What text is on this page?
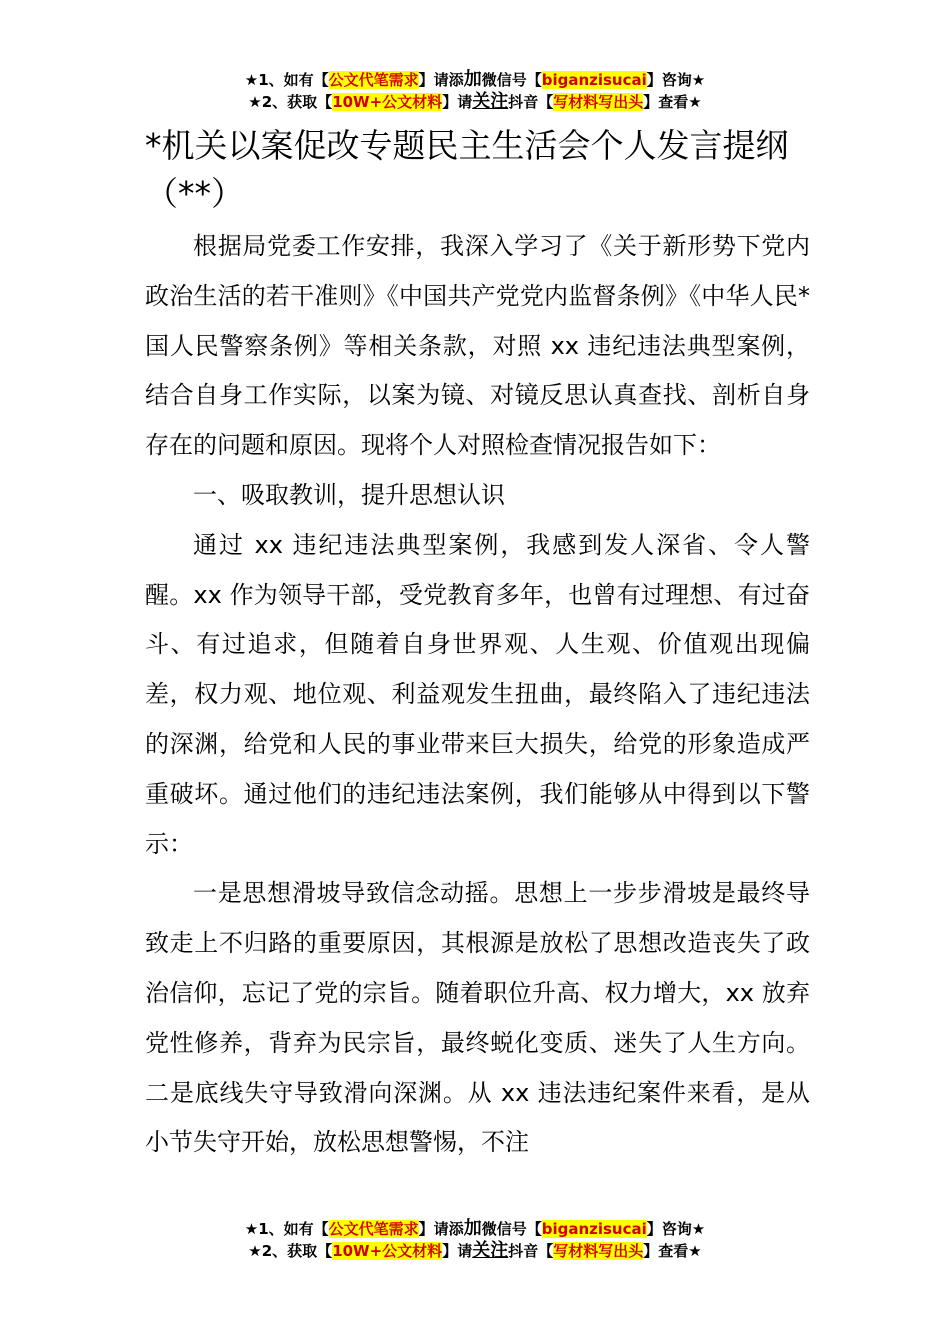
★1、如有【公文代笔需求】请添加微信号【biganzisucai】咨询★
★2、获取【10W+公文材料】请关注抖音【写材料写出头】查看★
*机关以案促改专题民主生活会个人发言提纲（**）

根据局党委工作安排，我深入学习了《关于新形势下党内政治生活的若干准则》《中国共产党党内监督条例》《中华人民*国人民警察条例》等相关条款，对照 xx 违纪违法典型案例，结合自身工作实际，以案为镜、对镜反思认真查找、剖析自身存在的问题和原因。现将个人对照检查情况报告如下：

一、吸取教训，提升思想认识

通过 xx 违纪违法典型案例，我感到发人深省、令人警醒。xx 作为领导干部，受党教育多年，也曾有过理想、有过奋斗、有过追求，但随着自身世界观、人生观、价值观出现偏差，权力观、地位观、利益观发生扭曲，最终陷入了违纪违法的深渊，给党和人民的事业带来巨大损失，给党的形象造成严重破坏。通过他们的违纪违法案例，我们能够从中得到以下警示：

一是思想滑坡导致信念动摇。思想上一步步滑坡是最终导致走上不归路的重要原因，其根源是放松了思想改造丧失了政治信仰，忘记了党的宗旨。随着职位升高、权力增大，xx 放弃党性修养，背弃为民宗旨，最终蜕化变质、迷失了人生方向。二是底线失守导致滑向深渊。从 xx 违法违纪案件来看，是从小节失守开始，放松思想警惕，不注

★1、如有【公文代笔需求】请添加微信号【biganzisucai】咨询★
★2、获取【10W+公文材料】请关注抖音【写材料写出头】查看★
